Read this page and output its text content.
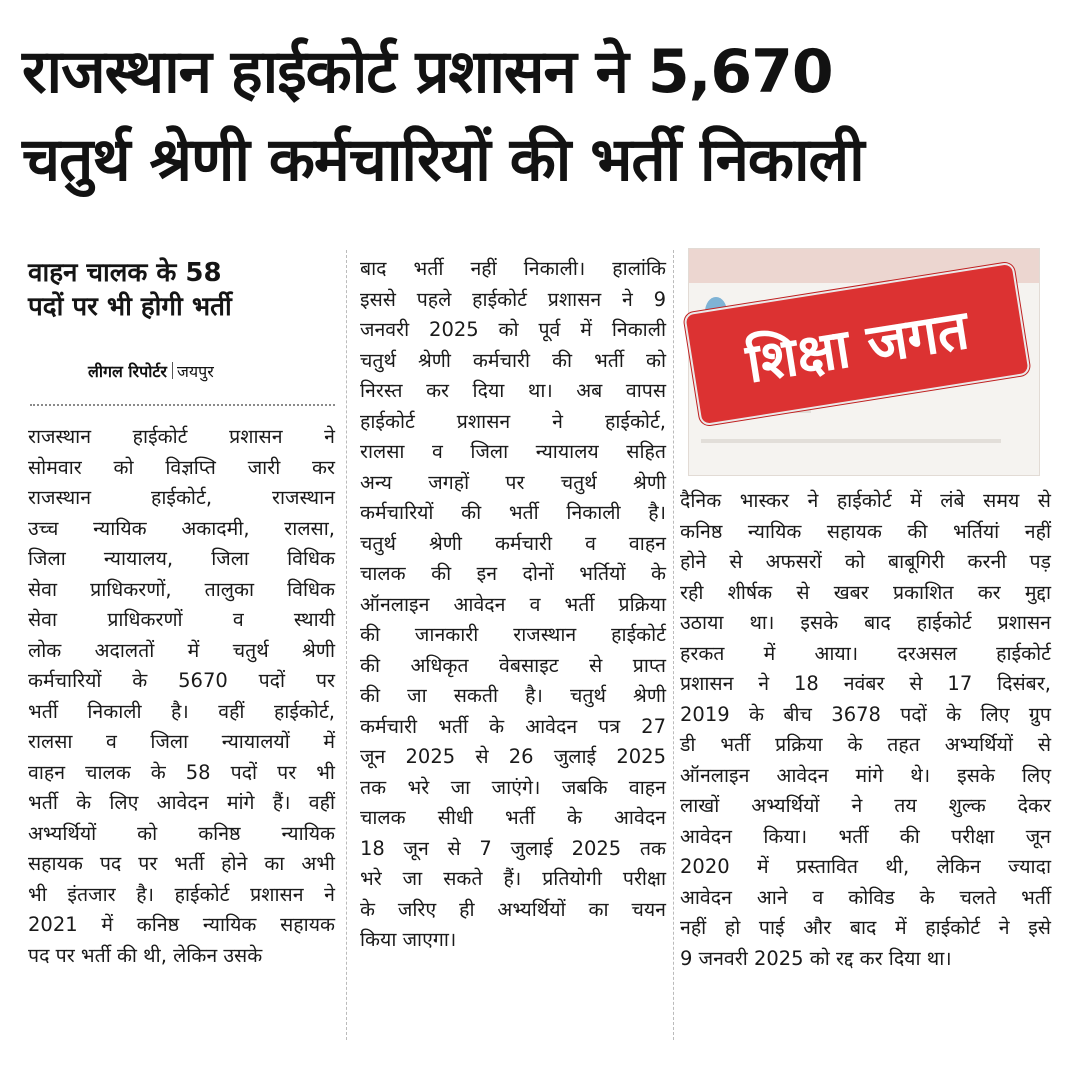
राजस्थान हाईकोर्ट प्रशासन ने 5,670
चतुर्थ श्रेणी कर्मचारियों की भर्ती निकाली
वाहन चालक के 58
पदों पर भी होगी भर्ती
लीगल रिपोर्टर जयपुर

राजस्थान हाईकोर्ट प्रशासन ने

सोमवार को विज्ञप्ति जारी कर

राजस्थान हाईकोर्ट, राजस्थान

उच्च न्यायिक अकादमी, रालसा,

जिला न्यायालय, जिला विधिक

सेवा प्राधिकरणों, तालुका विधिक

सेवा प्राधिकरणों व स्थायी

लोक अदालतों में चतुर्थ श्रेणी

कर्मचारियों के 5670 पदों पर

भर्ती निकाली है। वहीं हाईकोर्ट,

रालसा व जिला न्यायालयों में

वाहन चालक के 58 पदों पर भी

भर्ती के लिए आवेदन मांगे हैं। वहीं

अभ्यर्थियों को कनिष्ठ न्यायिक

सहायक पद पर भर्ती होने का अभी

भी इंतजार है। हाईकोर्ट प्रशासन ने

2021 में कनिष्ठ न्यायिक सहायक

पद पर भर्ती की थी, लेकिन उसके

बाद भर्ती नहीं निकाली। हालांकि

इससे पहले हाईकोर्ट प्रशासन ने 9

जनवरी 2025 को पूर्व में निकाली

चतुर्थ श्रेणी कर्मचारी की भर्ती को

निरस्त कर दिया था। अब वापस

हाईकोर्ट प्रशासन ने हाईकोर्ट,

रालसा व जिला न्यायालय सहित

अन्य जगहों पर चतुर्थ श्रेणी

कर्मचारियों की भर्ती निकाली है।

चतुर्थ श्रेणी कर्मचारी व वाहन

चालक की इन दोनों भर्तियों के

ऑनलाइन आवेदन व भर्ती प्रक्रिया

की जानकारी राजस्थान हाईकोर्ट

की अधिकृत वेबसाइट से प्राप्त

की जा सकती है। चतुर्थ श्रेणी

कर्मचारी भर्ती के आवेदन पत्र 27

जून 2025 से 26 जुलाई 2025

तक भरे जा जाएंगे। जबकि वाहन

चालक सीधी भर्ती के आवेदन

18 जून से 7 जुलाई 2025 तक

भरे जा सकते हैं। प्रतियोगी परीक्षा

के जरिए ही अभ्यर्थियों का चयन

किया जाएगा।

शिक्षा जगत

दैनिक भास्कर ने हाईकोर्ट में लंबे समय से

कनिष्ठ न्यायिक सहायक की भर्तियां नहीं

होने से अफसरों को बाबूगिरी करनी पड़

रही शीर्षक से खबर प्रकाशित कर मुद्दा

उठाया था। इसके बाद हाईकोर्ट प्रशासन

हरकत में आया। दरअसल हाईकोर्ट

प्रशासन ने 18 नवंबर से 17 दिसंबर,

2019 के बीच 3678 पदों के लिए ग्रुप

डी भर्ती प्रक्रिया के तहत अभ्यर्थियों से

ऑनलाइन आवेदन मांगे थे। इसके लिए

लाखों अभ्यर्थियों ने तय शुल्क देकर

आवेदन किया। भर्ती की परीक्षा जून

2020 में प्रस्तावित थी, लेकिन ज्यादा

आवेदन आने व कोविड के चलते भर्ती

नहीं हो पाई और बाद में हाईकोर्ट ने इसे

9 जनवरी 2025 को रद्द कर दिया था।
